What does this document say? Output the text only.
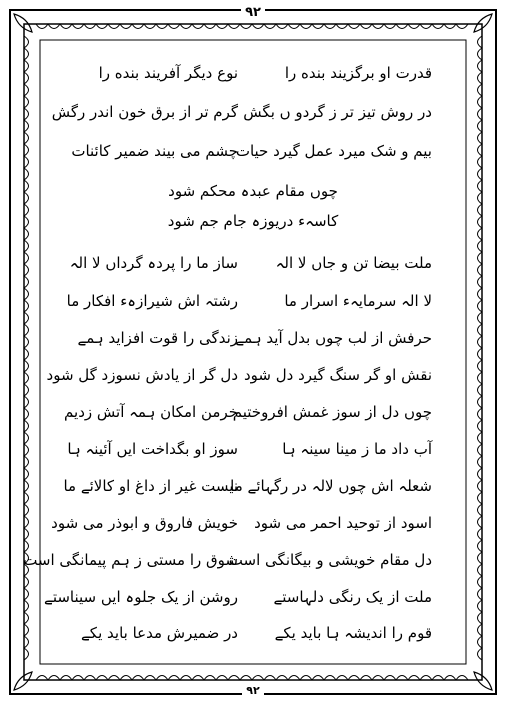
۹۲
۹۲
قدرت او برگزیند بنده را
نوع دیگر آفریند بنده را
در روش تیز تر ز گردو ں بگش
گرم تر از برق خون اندر رگش
بیم و شک میرد عمل گیرد حیات
چشم می بیند ضمیر کائنات
چوں مقام عبدہ محکم شود
کاسہء دریوزہ جام جم شود
ملت بیضا تن و جاں لا الہ
ساز ما را پردہ گرداں لا الہ
لا الہ سرمایہء اسرار ما
رشتہ اش شیرازہء افکار ما
حرفش از لب چوں بدل آید ہمے
زندگی را قوت افزاید ہمے
نقش او گر سنگ گیرد دل شود
دل گر از یادش نسوزد گل شود
چوں دل از سوز غمش افروختیم
خرمن امکان ہمہ آتش زدیم
آب داد ما ز مینا سینہ ہا
سوز او بگداخت ایں آئینہ ہا
شعلہ اش چوں لالہ در رگہائے ما
نیست غیر از داغ او کالائے ما
اسود از توحید احمر می شود
خویش فاروق و ابوذر می شود
دل مقام خویشی و بیگانگی است
شوق را مستی ز ہم پیمانگی است
ملت از یک رنگی دلہاستے
روشن از یک جلوہ ایں سیناستے
قوم را اندیشہ ہا باید یکے
در ضمیرش مدعا باید یکے
